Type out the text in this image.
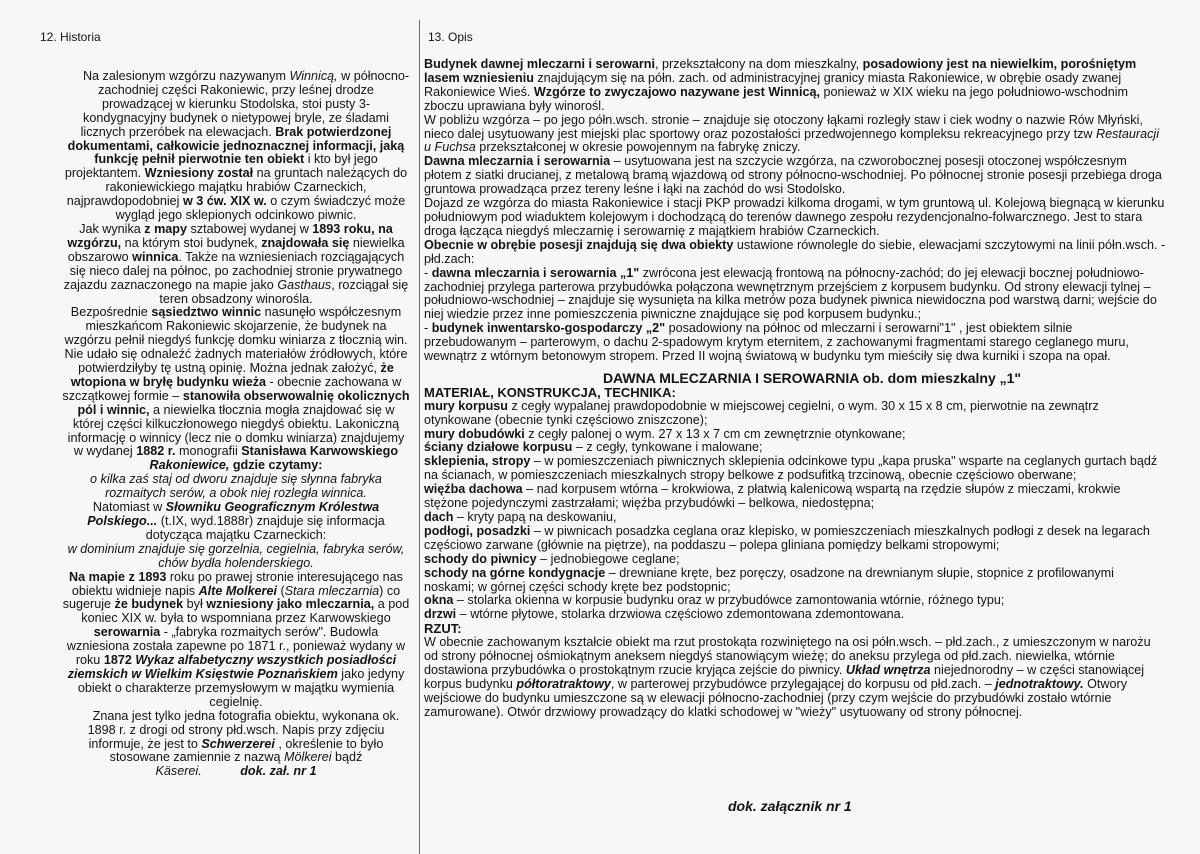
12. Historia	13. Opis

Na zalesionym wzgórzu nazywanym Winnicą, w północno-zachodniej części Rakoniewic, przy leśnej drodze prowadzącej w kierunku Stodolska, stoi pusty 3-kondygnacyjny budynek o nietypowej bryle, ze śladami licznych przeróbek na elewacjach. Brak potwierdzonej dokumentami, całkowicie jednoznacznej informacji, jaką funkcję pełnił pierwotnie ten obiekt i kto był jego projektantem. Wzniesiony został na gruntach należących do rakoniewickiego majątku hrabiów Czarneckich, najprawdopodobniej w 3 ćw. XIX w. o czym świadczyć może wygląd jego sklepionych odcinkowo piwnic.

Jak wynika z mapy sztabowej wydanej w 1893 roku, na wzgórzu, na którym stoi budynek, znajdowała się niewielka obszarowo winnica. Także na wzniesieniach rozciągających się nieco dalej na północ, po zachodniej stronie prywatnego zajazdu zaznaczonego na mapie jako Gasthaus, rozciągał się teren obsadzony winorośla.

Bezpośrednie sąsiedztwo winnic nasunęło współczesnym mieszkańcom Rakoniewic skojarzenie, że budynek na wzgórzu pełnił niegdyś funkcję domku winiarza z tłocznią win. Nie udało się odnaleźć żadnych materiałów źródłowych, które potwierdziłyby tę ustną opinię. Można jednak założyć, że wtopiona w bryłę budynku wieża - obecnie zachowana w szczątkowej formie – stanowiła obserwowalnię okolicznych pól i winnic, a niewielka tłocznia mogła znajdować się w której części kilkuczłonowego niegdyś obiektu. Lakoniczną informację o winnicy (lecz nie o domku winiarza) znajdujemy w wydanej 1882 r. monografii Stanisława Karwowskiego Rakoniewice, gdzie czytamy:

o kilka zaś staj od dworu znajduje się słynna fabryka rozmaitych serów, a obok niej rozległa winnica.

Natomiast w Słowniku Geograficznym Królestwa Polskiego... (t.IX, wyd.1888r) znajduje się informacja dotycząca majątku Czarneckich:

w dominium znajduje się gorzelnia, cegielnia, fabryka serów, chów bydła holenderskiego.

Na mapie z 1893 roku po prawej stronie interesującego nas obiektu widnieje napis Alte Molkerei (Stara mleczarnia) co sugeruje że budynek był wzniesiony jako mleczarnia, a pod koniec XIX w. była to wspomniana przez Karwowskiego serowarnia - „fabryka rozmaitych serów". Budowla wzniesiona została zapewne po 1871 r., ponieważ wydany w roku 1872 Wykaz alfabetyczny wszystkich posiadłości ziemskich w Wielkim Księstwie Poznańskiem jako jedyny obiekt o charakterze przemysłowym w majątku wymienia cegielnię.

Znana jest tylko jedna fotografia obiektu, wykonana ok. 1898 r. z drogi od strony płd.wsch. Napis przy zdjęciu informuje, że jest to Schwerzerei , określenie to było stosowane zamiennie z nazwą Mölkerei bądź Käserei.	dok. zał. nr 1

Budynek dawnej mleczarni i serowarni, przekształcony na dom mieszkalny, posadowiony jest na niewielkim, porośniętym lasem wzniesieniu znajdującym się na półn. zach. od administracyjnej granicy miasta Rakoniewice, w obrębie osady zwanej Rakoniewice Wieś. Wzgórze to zwyczajowo nazywane jest Winnicą, ponieważ w XIX wieku na jego południowo-wschodnim zboczu uprawiana były winorośl.

W pobliżu wzgórza – po jego półn.wsch. stronie – znajduje się otoczony łąkami rozległy staw i ciek wodny o nazwie Rów Młyński, nieco dalej usytuowany jest miejski plac sportowy oraz pozostałości przedwojennego kompleksu rekreacyjnego przy tzw Restauracji u Fuchsa przekształconej w okresie powojennym na fabrykę zniczy.

Dawna mleczarnia i serowarnia – usytuowana jest na szczycie wzgórza, na czworobocznej posesji otoczonej współczesnym płotem z siatki drucianej, z metalową bramą wjazdową od strony północno-wschodniej. Po północnej stronie posesji przebiega droga gruntowa prowadząca przez tereny leśne i łąki na zachód do wsi Stodolsko.

Dojazd ze wzgórza do miasta Rakoniewice i stacji PKP prowadzi kilkoma drogami, w tym gruntową ul. Kolejową biegnącą w kierunku południowym pod wiaduktem kolejowym i dochodzącą do terenów dawnego zespołu rezydencjonalno-folwarcznego. Jest to stara droga łącząca niegdyś mleczarnię i serowarnię z majątkiem hrabiów Czarneckich.

Obecnie w obrębie posesji znajdują się dwa obiekty ustawione równolegle do siebie, elewacjami szczytowymi na linii półn.wsch. - płd.zach:

- dawna mleczarnia i serowarnia „1" zwrócona jest elewacją frontową na północny-zachód; do jej elewacji bocznej południowo-zachodniej przylega parterowa przybudówka połączona wewnętrznym przejściem z korpusem budynku. Od strony elewacji tylnej – południowo-wschodniej – znajduje się wysunięta na kilka metrów poza budynek piwnica niewidoczna pod warstwą darni; wejście do niej wiedzie przez inne pomieszczenia piwniczne znajdujące się pod korpusem budynku.;

- budynek inwentarsko-gospodarczy „2" posadowiony na północ od mleczarni i serowarni"1" , jest obiektem silnie przebudowanym – parterowym, o dachu 2-spadowym krytym eternitem, z zachowanymi fragmentami starego ceglanego muru, wewnątrz z wtórnym betonowym stropem. Przed II wojną światową w budynku tym mieściły się dwa kurniki i szopa na opał.

DAWNA MLECZARNIA I SEROWARNIA ob. dom mieszkalny „1"

MATERIAŁ, KONSTRUKCJA, TECHNIKA:

mury korpusu z cegły wypalanej prawdopodobnie w miejscowej cegielni, o wym. 30 x 15 x 8 cm, pierwotnie na zewnątrz otynkowane (obecnie tynki częściowo zniszczone);

mury dobudówki z cegły palonej o wym. 27 x 13 x 7 cm cm zewnętrznie otynkowane;

ściany działowe korpusu – z cegły, tynkowane i malowane;

sklepienia, stropy – w pomieszczeniach piwnicznych sklepienia odcinkowe typu „kapa pruska" wsparte na ceglanych gurtach bądź na ścianach, w pomieszczeniach mieszkalnych stropy belkowe z podsufitką trzcinową, obecnie częściowo oberwane;

więźba dachowa – nad korpusem wtórna – krokwiowa, z płatwią kalenicową wspartą na rzędzie słupów z mieczami, krokwie stężone pojedynczymi zastrzałami; więźba przybudówki – belkowa, niedostępna;

dach – kryty papą na deskowaniu,

podłogi, posadzki – w piwnicach posadzka ceglana oraz klepisko, w pomieszczeniach mieszkalnych podłogi z desek na legarach częściowo zarwane (głównie na piętrze), na poddaszu – polepa gliniana pomiędzy belkami stropowymi;

schody do piwnicy – jednobiegowe ceglane;

schody na górne kondygnacje – drewniane kręte, bez poręczy, osadzone na drewnianym słupie, stopnice z profilowanymi noskami; w górnej części schody kręte bez podstopnic;

okna – stolarka okienna w korpusie budynku oraz w przybudówce zamontowania wtórnie, różnego typu;

drzwi – wtórne płytowe, stolarka drzwiowa częściowo zdemontowana zdemontowana.

RZUT:

W obecnie zachowanym kształcie obiekt ma rzut prostokąta rozwiniętego na osi półn.wsch. – płd.zach., z umieszczonym w narożu od strony północnej ośmiokątnym aneksem niegdyś stanowiącym wieżę; do aneksu przylega od płd.zach. niewielka, wtórnie dostawiona przybudówka o prostokątnym rzucie kryjąca zejście do piwnicy. Układ wnętrza niejednorodny – w części stanowiącej korpus budynku półtoratraktowy, w parterowej przybudówce przylegającej do korpusu od płd.zach. – jednotraktowy. Otwory wejściowe do budynku umieszczone są w elewacji północno-zachodniej (przy czym wejście do przybudówki zostało wtórnie zamurowane). Otwór drzwiowy prowadzący do klatki schodowej w "wieży" usytuowany od strony północnej.

dok. załącznik nr 1
